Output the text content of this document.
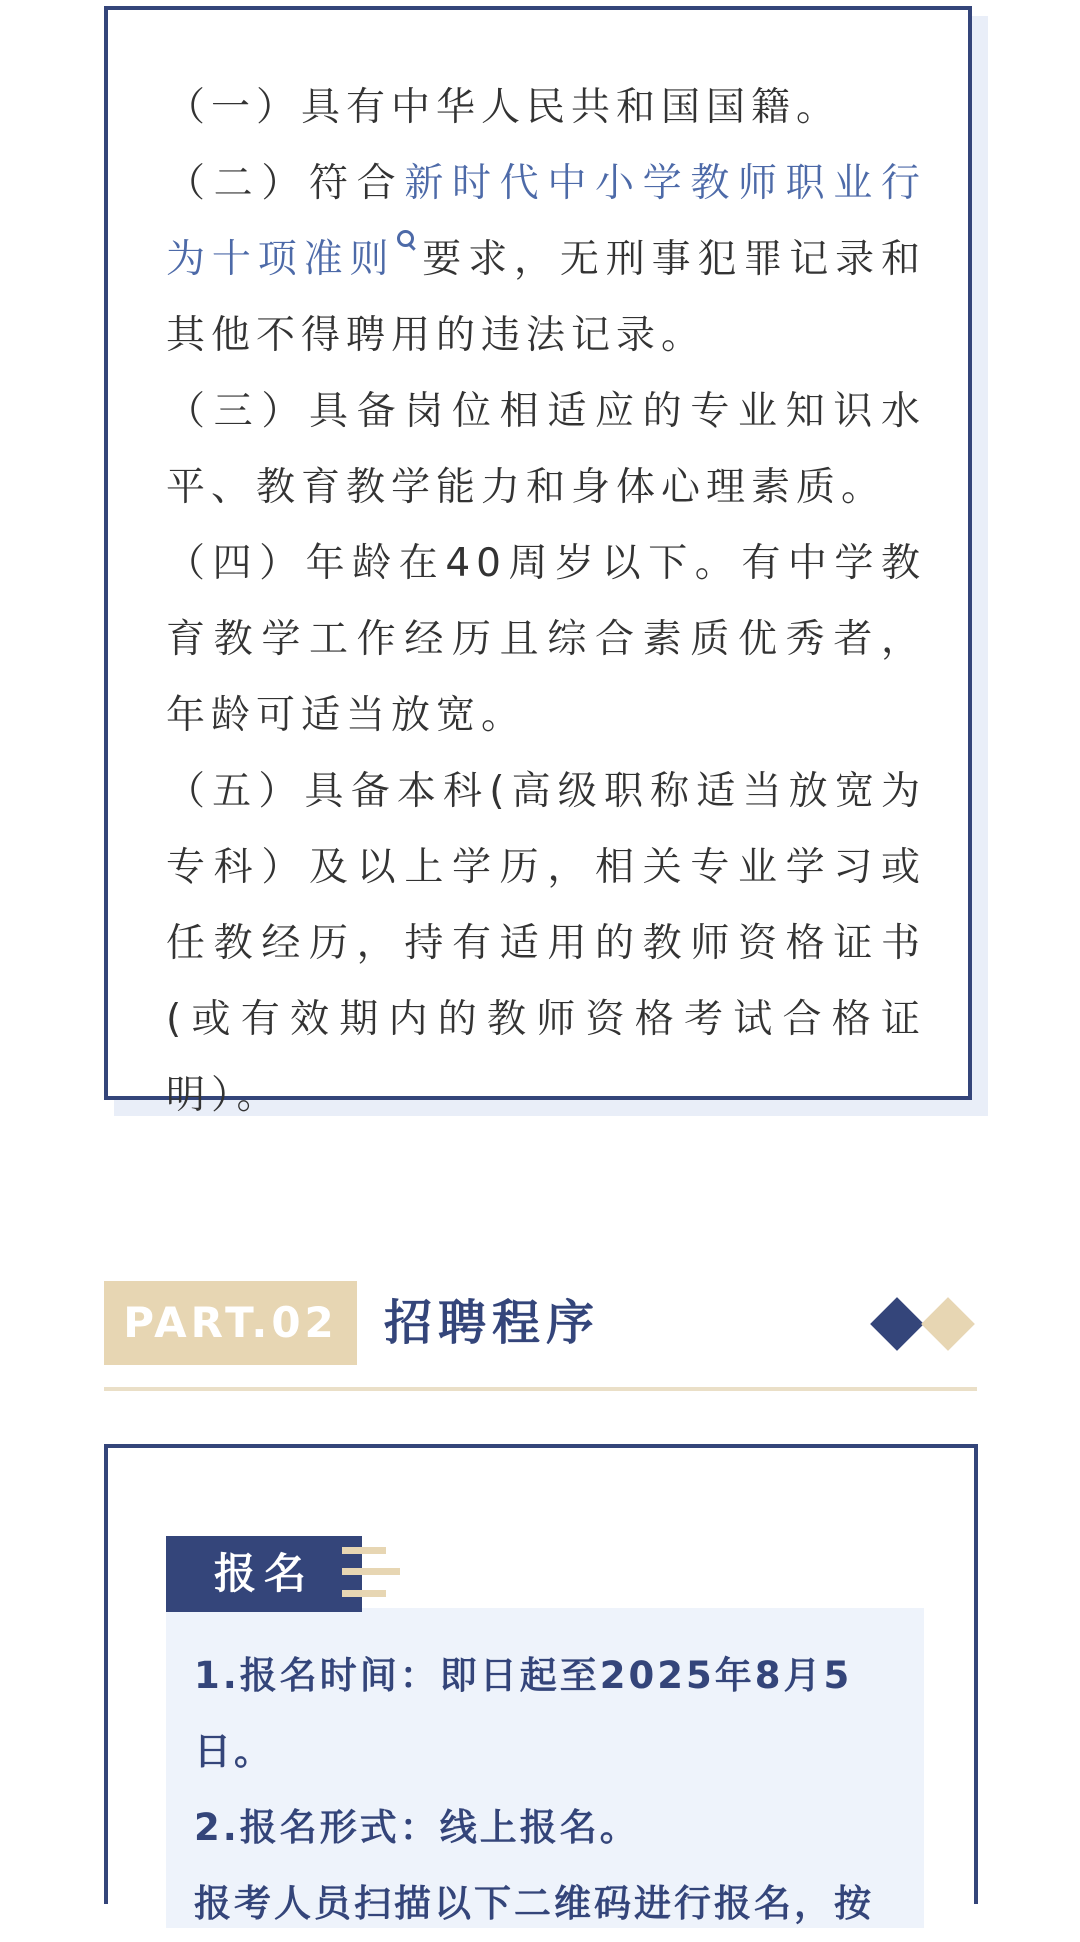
（一）具有中华人民共和国国籍。

（二）符合新时代中小学教师职业行为十项准则 要求，无刑事犯罪记录和其他不得聘用的违法记录。

（三）具备岗位相适应的专业知识水平、教育教学能力和身体心理素质。

（四）年龄在40周岁以下。有中学教育教学工作经历且综合素质优秀者，年龄可适当放宽。

（五）具备本科(高级职称适当放宽为专科）及以上学历，相关专业学习或任教经历，持有适用的教师资格证书(或有效期内的教师资格考试合格证明）。

PART.02 招聘程序
报名

1.报名时间：即日起至2025年8月5日。

2.报名形式：线上报名。

报考人员扫描以下二维码进行报名，按
